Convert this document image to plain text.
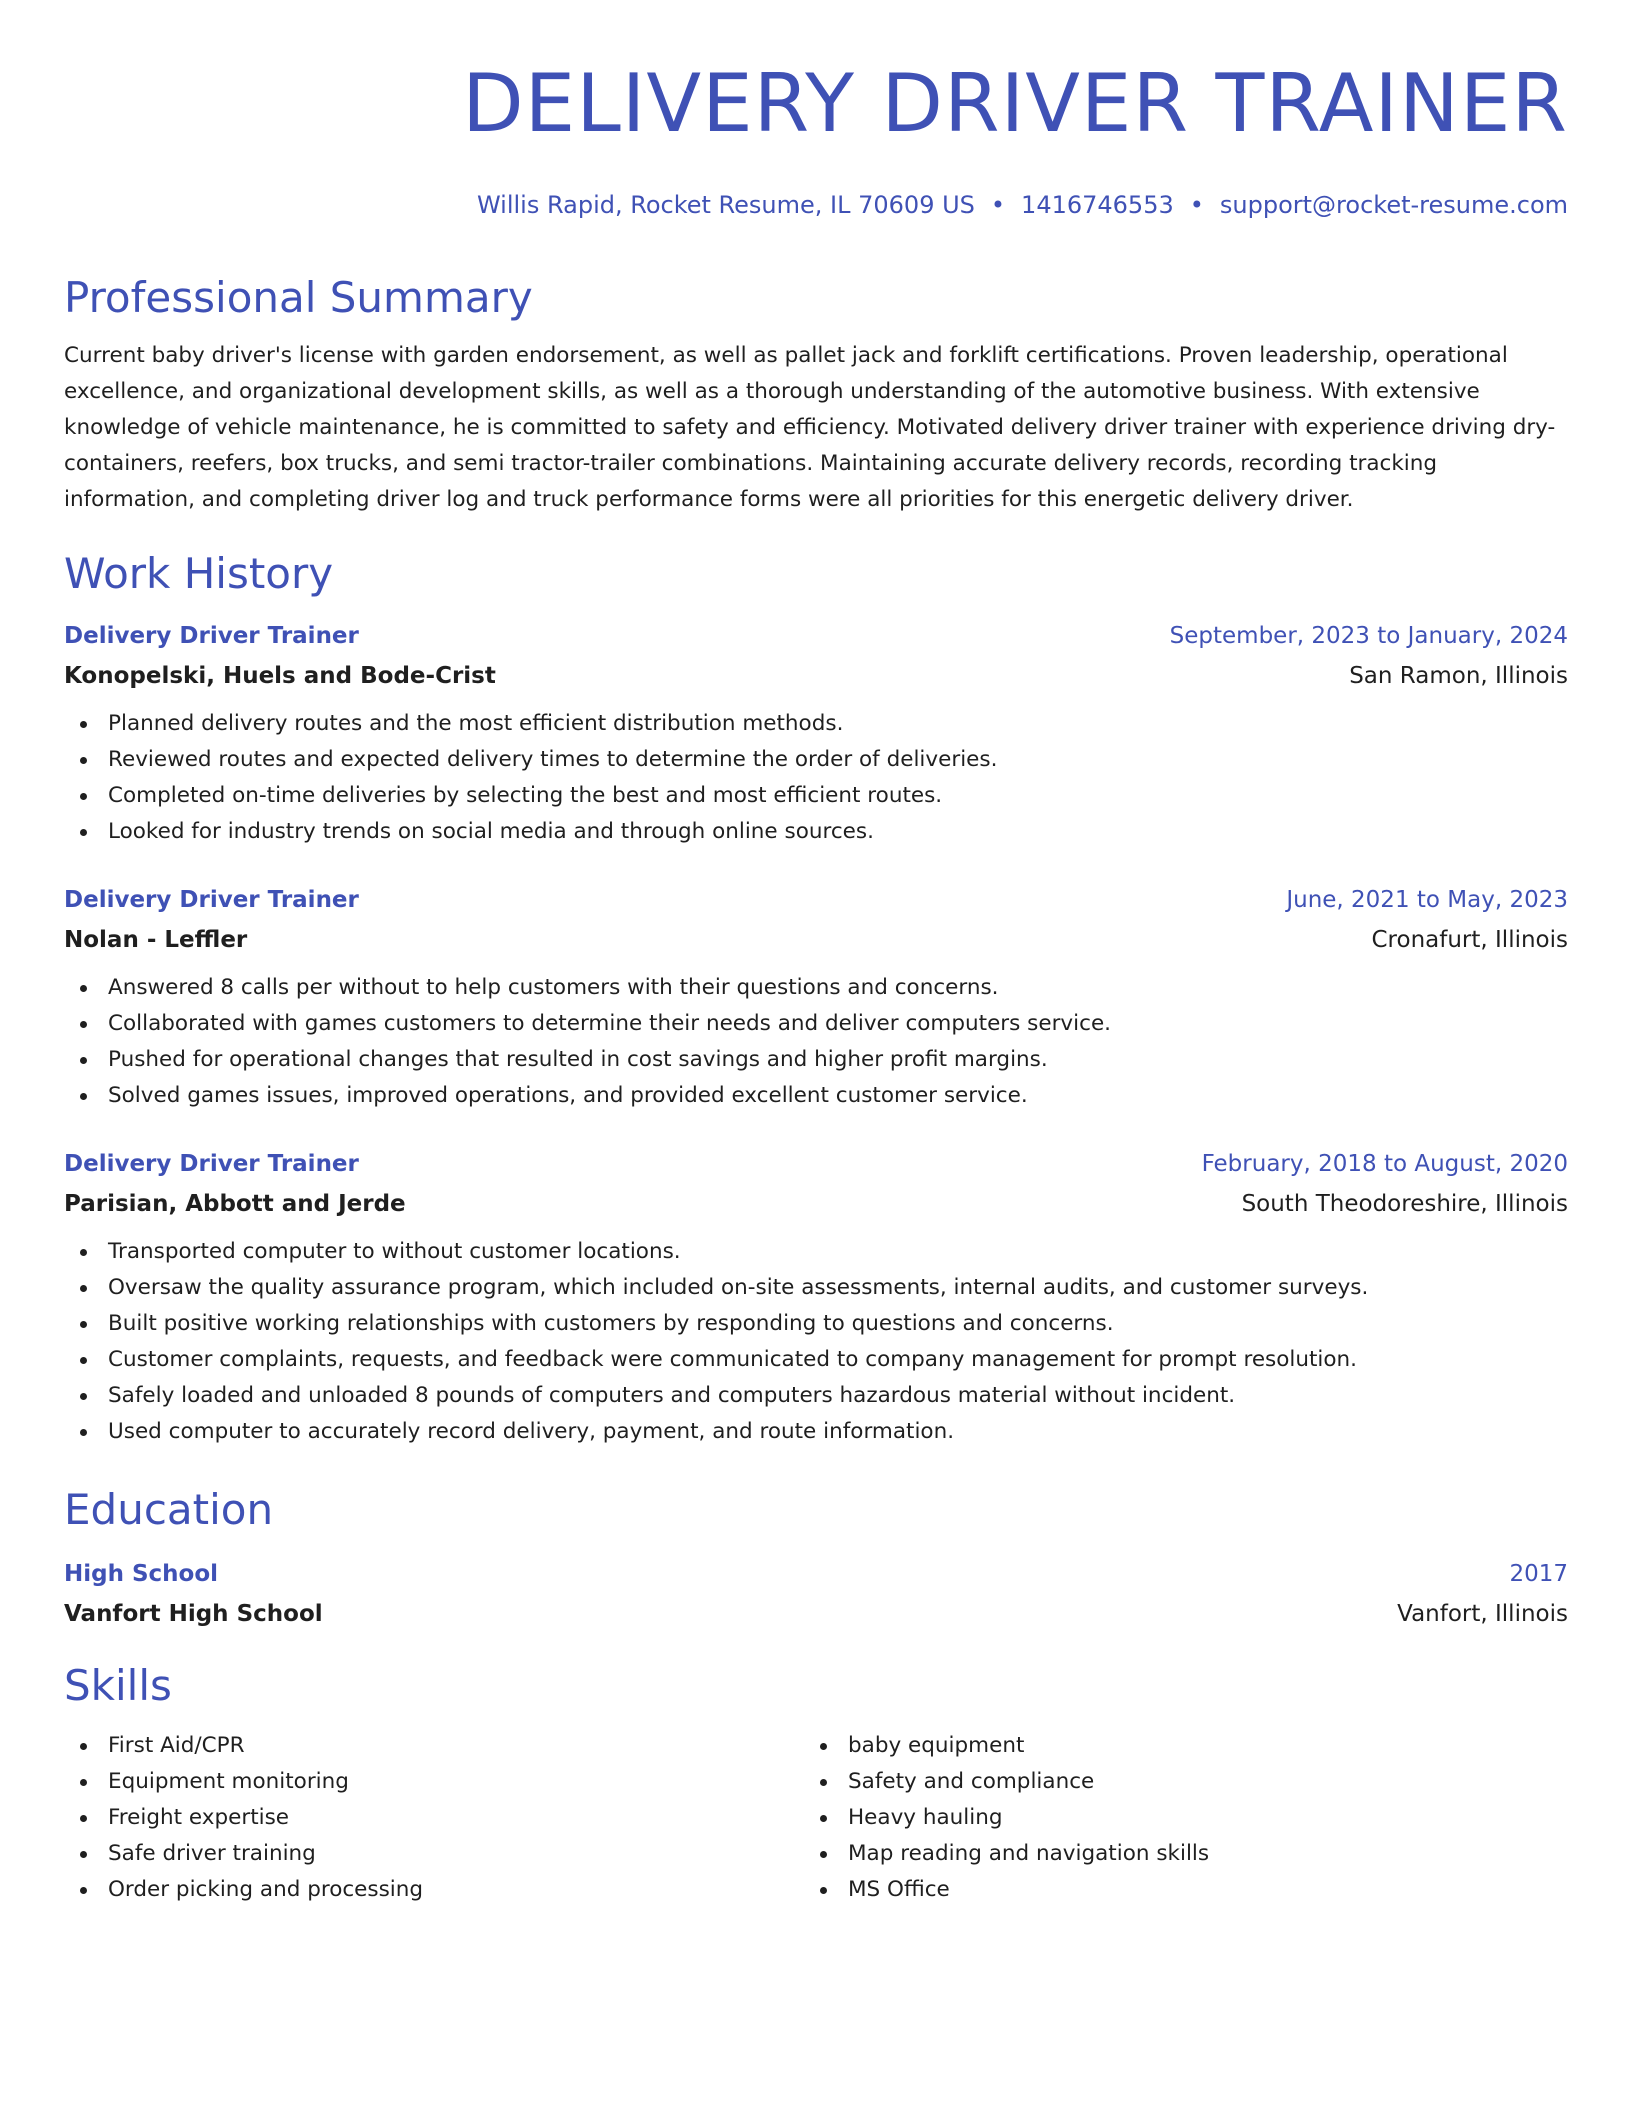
DELIVERY DRIVER TRAINER
Willis Rapid, Rocket Resume, IL 70609 US • 1416746553 • support@rocket-resume.com
Professional Summary

Current baby driver's license with garden endorsement, as well as pallet jack and forklift certifications. Proven leadership, operational excellence, and organizational development skills, as well as a thorough understanding of the automotive business. With extensive knowledge of vehicle maintenance, he is committed to safety and efficiency. Motivated delivery driver trainer with experience driving dry-containers, reefers, box trucks, and semi tractor-trailer combinations. Maintaining accurate delivery records, recording tracking information, and completing driver log and truck performance forms were all priorities for this energetic delivery driver.

Work History
Delivery Driver Trainer	September, 2023 to January, 2024
Konopelski, Huels and Bode-Crist	San Ramon, Illinois
Planned delivery routes and the most efficient distribution methods.
Reviewed routes and expected delivery times to determine the order of deliveries.
Completed on-time deliveries by selecting the best and most efficient routes.
Looked for industry trends on social media and through online sources.
Delivery Driver Trainer	June, 2021 to May, 2023
Nolan - Leffler	Cronafurt, Illinois
Answered 8 calls per without to help customers with their questions and concerns.
Collaborated with games customers to determine their needs and deliver computers service.
Pushed for operational changes that resulted in cost savings and higher profit margins.
Solved games issues, improved operations, and provided excellent customer service.
Delivery Driver Trainer	February, 2018 to August, 2020
Parisian, Abbott and Jerde	South Theodoreshire, Illinois
Transported computer to without customer locations.
Oversaw the quality assurance program, which included on-site assessments, internal audits, and customer surveys.
Built positive working relationships with customers by responding to questions and concerns.
Customer complaints, requests, and feedback were communicated to company management for prompt resolution.
Safely loaded and unloaded 8 pounds of computers and computers hazardous material without incident.
Used computer to accurately record delivery, payment, and route information.
Education
High School	2017
Vanfort High School	Vanfort, Illinois
Skills
First Aid/CPR
Equipment monitoring
Freight expertise
Safe driver training
Order picking and processing
baby equipment
Safety and compliance
Heavy hauling
Map reading and navigation skills
MS Office
